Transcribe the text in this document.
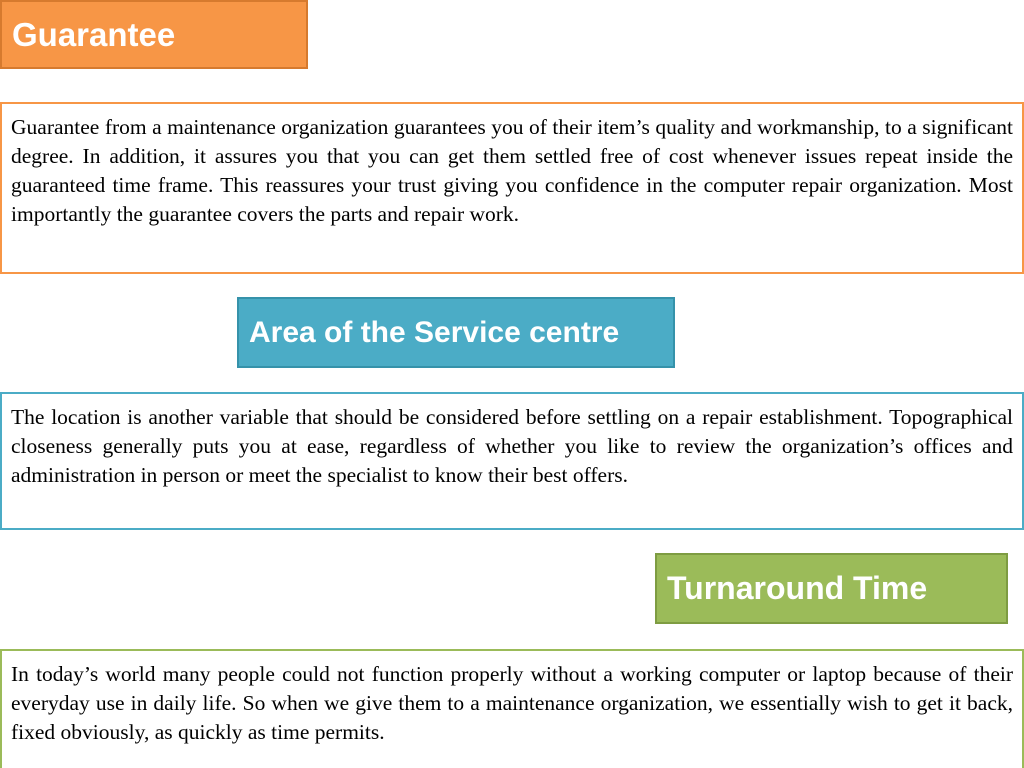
Guarantee
Guarantee from a maintenance organization guarantees you of their item’s quality and workmanship, to a significant degree. In addition, it assures you that you can get them settled free of cost whenever issues repeat inside the guaranteed time frame. This reassures your trust giving you confidence in the computer repair organization. Most importantly the guarantee covers the parts and repair work.
Area of the Service centre
The location is another variable that should be considered before settling on a repair establishment. Topographical closeness generally puts you at ease, regardless of whether you like to review the organization’s offices and administration in person or meet the specialist to know their best offers.
Turnaround Time
In today’s world many people could not function properly without a working computer or laptop because of their everyday use in daily life. So when we give them to a maintenance organization, we essentially wish to get it back, fixed obviously, as quickly as time permits.
